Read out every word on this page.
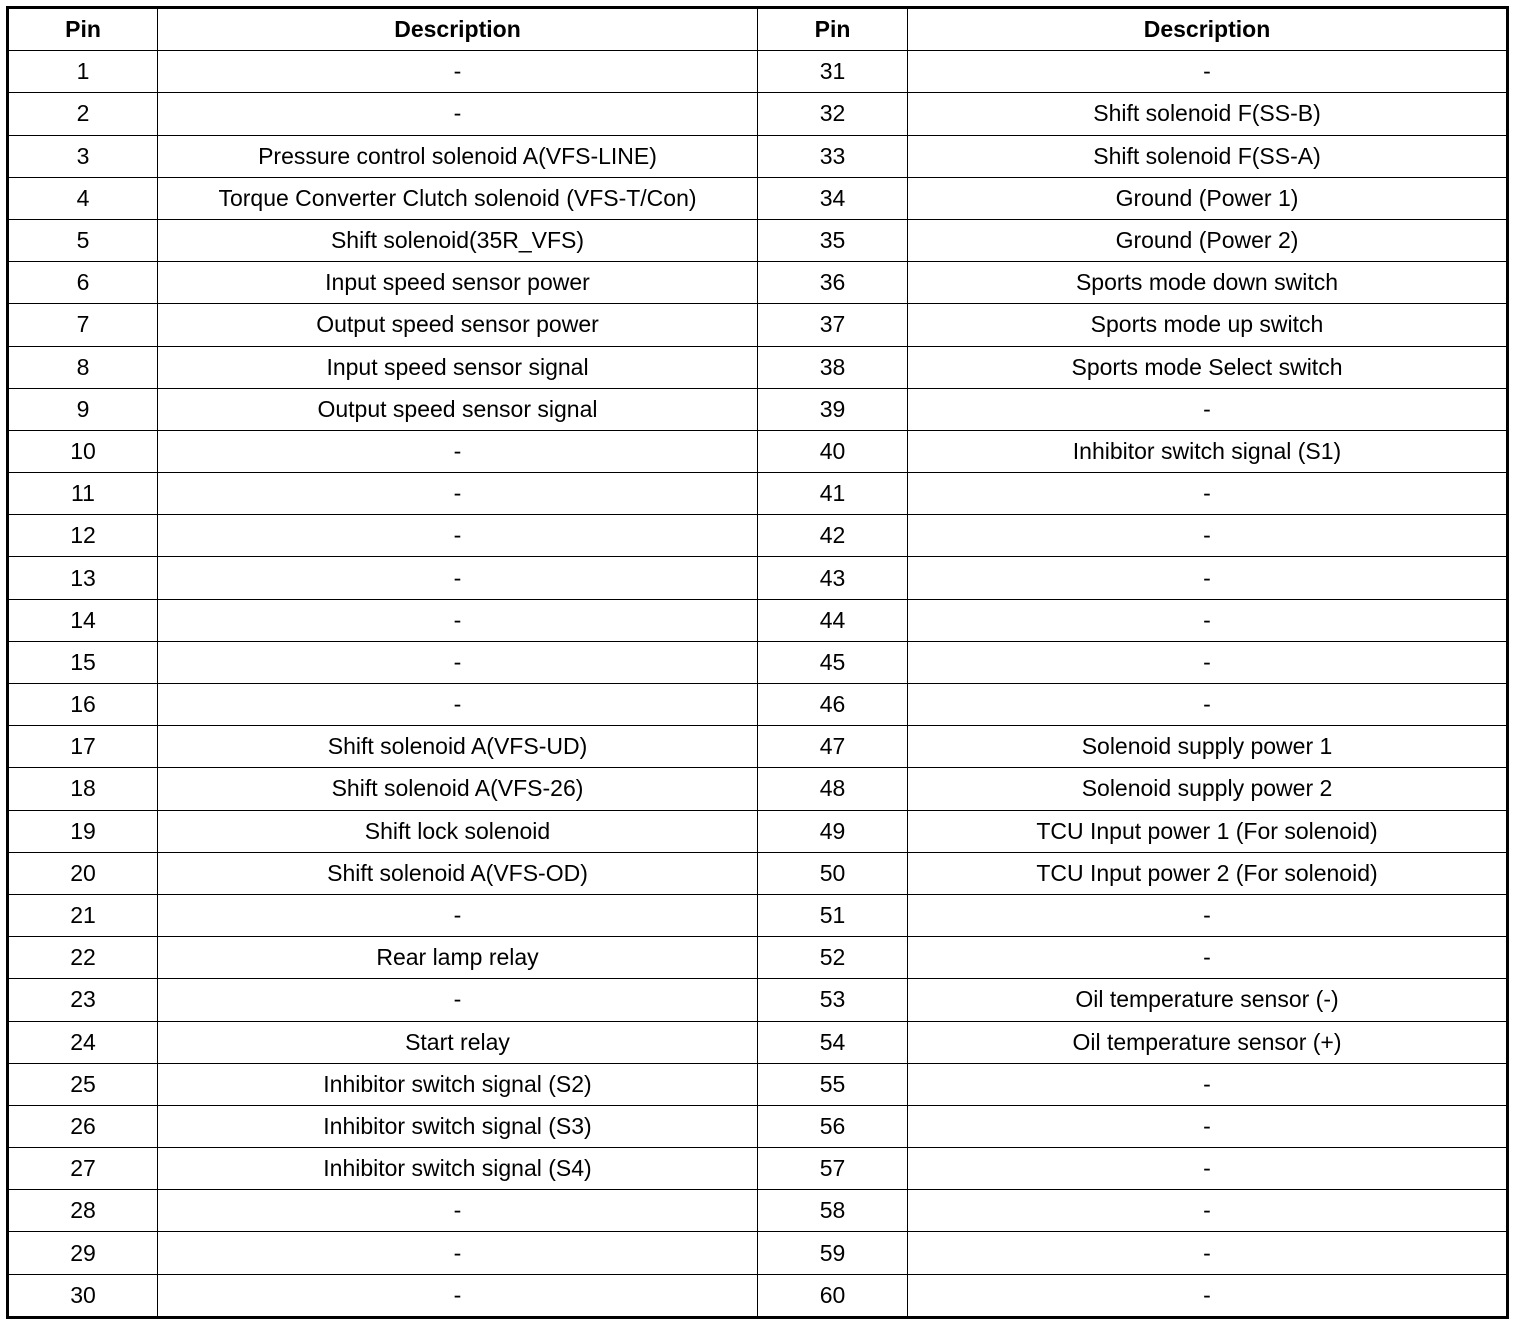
Pin	Description	Pin	Description
1	-	31	-
2	-	32	Shift solenoid F(SS-B)
3	Pressure control solenoid A(VFS-LINE)	33	Shift solenoid F(SS-A)
4	Torque Converter Clutch solenoid (VFS-T/Con)	34	Ground (Power 1)
5	Shift solenoid(35R_VFS)	35	Ground (Power 2)
6	Input speed sensor power	36	Sports mode down switch
7	Output speed sensor power	37	Sports mode up switch
8	Input speed sensor signal	38	Sports mode Select switch
9	Output speed sensor signal	39	-
10	-	40	Inhibitor switch signal (S1)
11	-	41	-
12	-	42	-
13	-	43	-
14	-	44	-
15	-	45	-
16	-	46	-
17	Shift solenoid A(VFS-UD)	47	Solenoid supply power 1
18	Shift solenoid A(VFS-26)	48	Solenoid supply power 2
19	Shift lock solenoid	49	TCU Input power 1 (For solenoid)
20	Shift solenoid A(VFS-OD)	50	TCU Input power 2 (For solenoid)
21	-	51	-
22	Rear lamp relay	52	-
23	-	53	Oil temperature sensor (-)
24	Start relay	54	Oil temperature sensor (+)
25	Inhibitor switch signal (S2)	55	-
26	Inhibitor switch signal (S3)	56	-
27	Inhibitor switch signal (S4)	57	-
28	-	58	-
29	-	59	-
30	-	60	-
